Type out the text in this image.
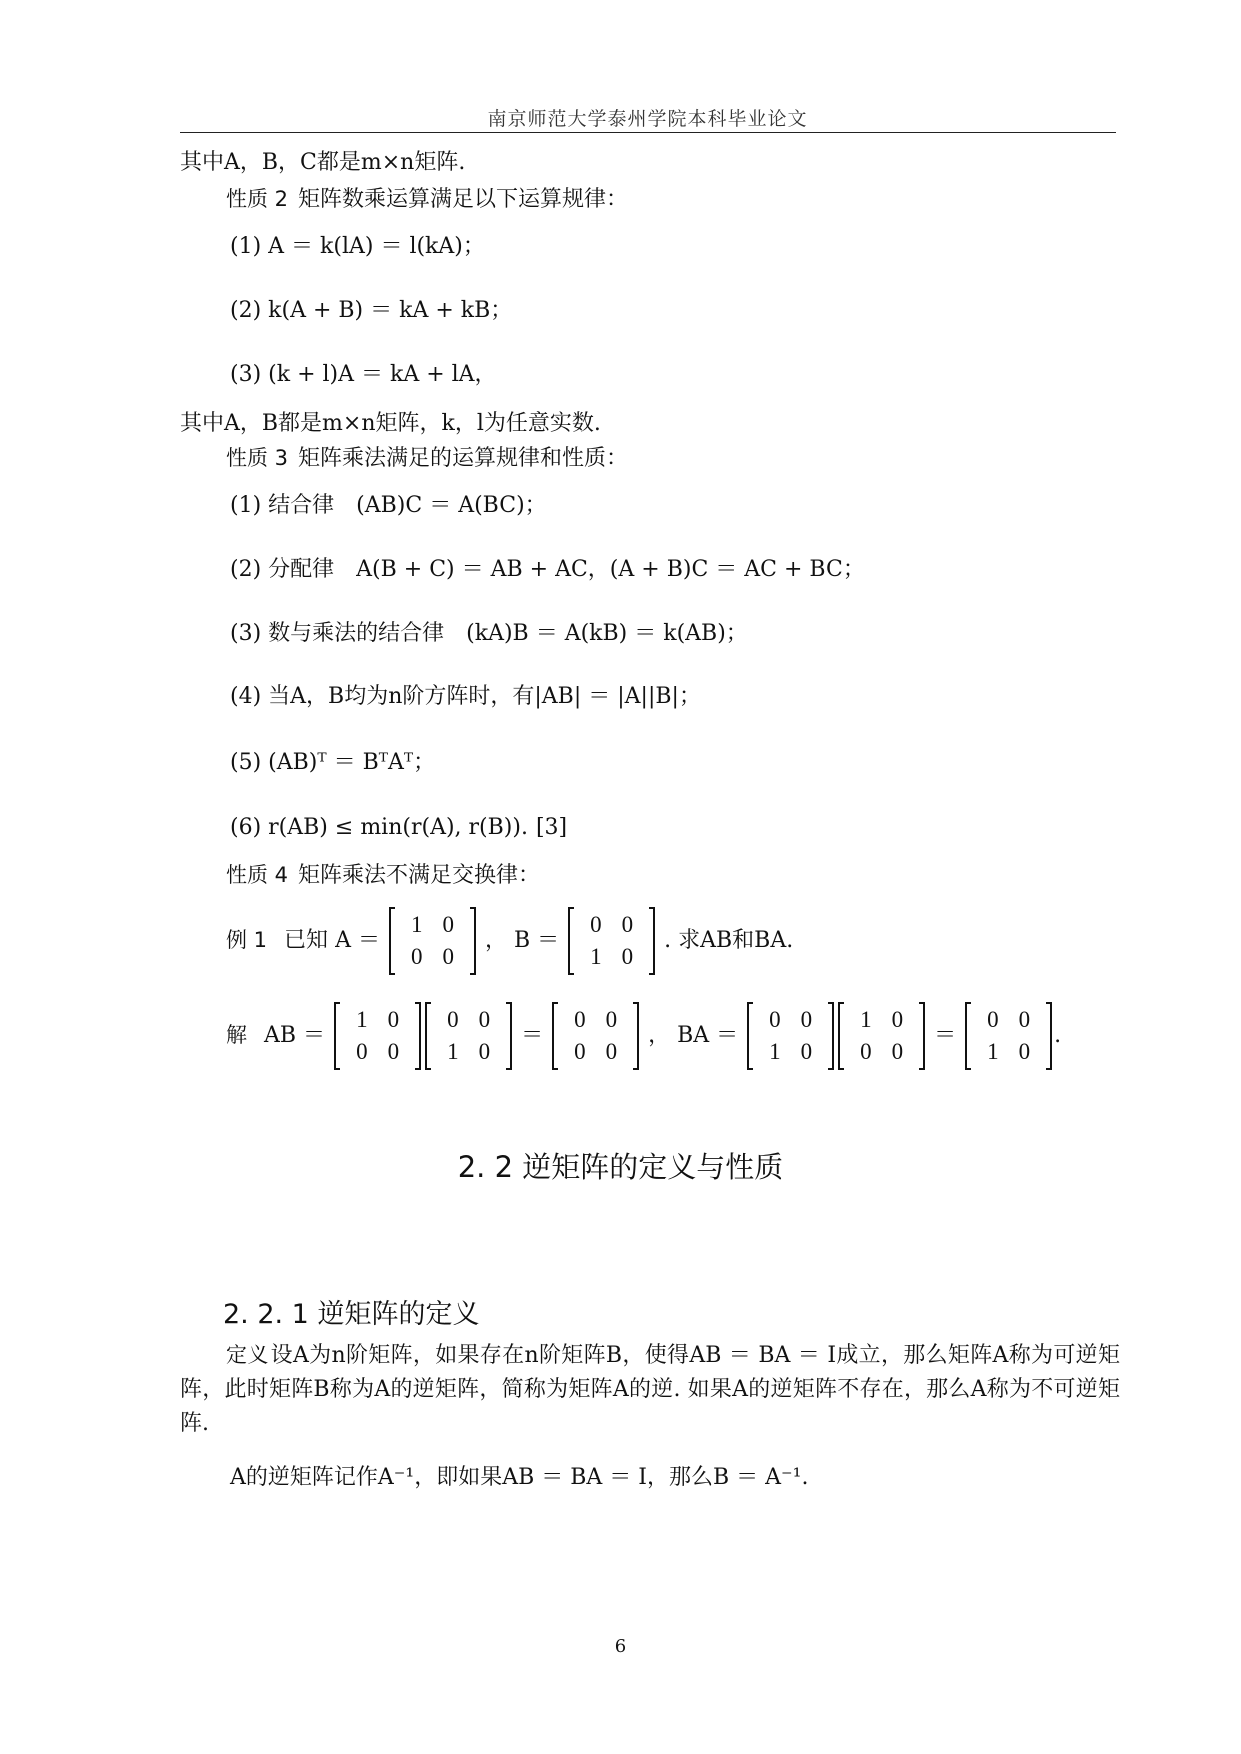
南京师范大学泰州学院本科毕业论文
其中A，B，C都是m×n矩阵.
性质 2 矩阵数乘运算满足以下运算规律：
(1) A ＝ k(lA) ＝ l(kA)；
(2) k(A + B) ＝ kA + kB；
(3) (k + l)A ＝ kA + lA，
其中A，B都是m×n矩阵，k，l为任意实数.
性质 3 矩阵乘法满足的运算规律和性质：
(1) 结合律　(AB)C ＝ A(BC)；
(2) 分配律　A(B + C) ＝ AB + AC，(A + B)C ＝ AC + BC；
(3) 数与乘法的结合律　(kA)B ＝ A(kB) ＝ k(AB)；
(4) 当A，B均为n阶方阵时，有|AB| ＝ |A||B|；
(5) (AB)ᵀ ＝ BᵀAᵀ；
(6) r(AB) ≤ min(r(A), r(B)). [3]
性质 4 矩阵乘法不满足交换律：
例 1 已知 A ＝
1	0
0	0
， B ＝
0	0
1	0
. 求AB和BA.
解 AB ＝
1	0
0	0
0	0
1	0
＝
0	0
0	0
， BA ＝
0	0
1	0
1	0
0	0
＝
0	0
1	0
.
2. 2 逆矩阵的定义与性质
2. 2. 1 逆矩阵的定义
定义设A为n阶矩阵，如果存在n阶矩阵B，使得AB ＝ BA ＝ I成立，那么矩阵A称为可逆矩阵，此时矩阵B称为A的逆矩阵，简称为矩阵A的逆. 如果A的逆矩阵不存在，那么A称为不可逆矩阵.
A的逆矩阵记作A⁻¹，即如果AB ＝ BA ＝ I，那么B ＝ A⁻¹.
6
